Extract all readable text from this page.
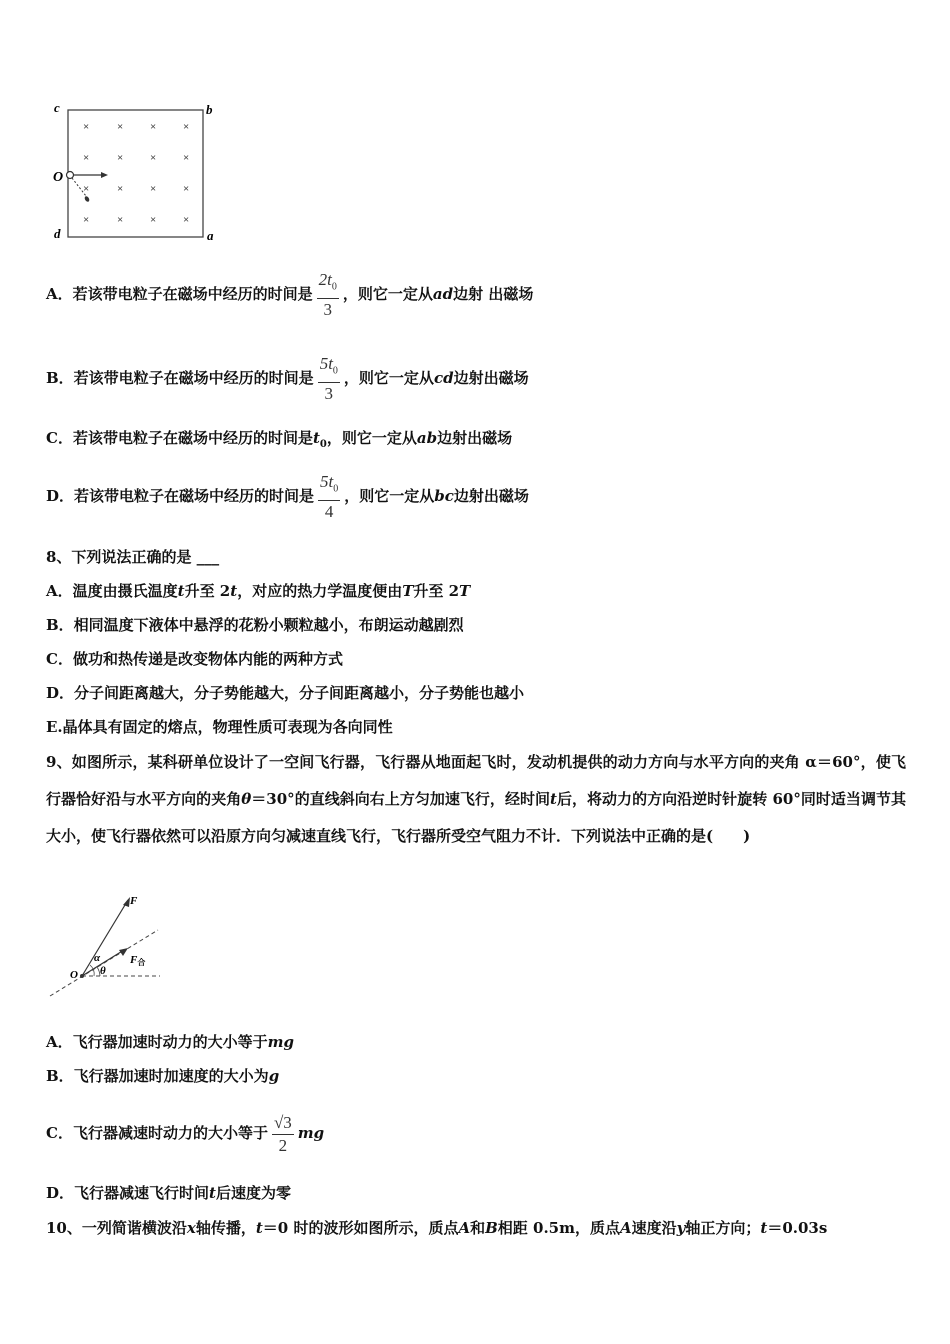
×	× × ×
×	× × ×
×	× × ×
×	× × ×
c	b
O
d	a
A．若该带电粒子在磁场中经历的时间是 $\frac{2t_0}{3}$ ，则它一定从ad边射 出磁场
B．若该带电粒子在磁场中经历的时间是 $\frac{5t_0}{3}$ ，则它一定从cd边射出磁场
C．若该带电粒子在磁场中经历的时间是$t_0$，则它一定从ab边射出磁场
D．若该带电粒子在磁场中经历的时间是 $\frac{5t_0}{4}$ ，则它一定从bc边射出磁场
8、下列说法正确的是 ___
A．温度由摄氏温度t升至 2t，对应的热力学温度便由T升至 2T
B．相同温度下液体中悬浮的花粉小颗粒越小，布朗运动越剧烈
C．做功和热传递是改变物体内能的两种方式
D．分子间距离越大，分子势能越大，分子间距离越小，分子势能也越小
E.晶体具有固定的熔点，物理性质可表现为各向同性
9、如图所示，某科研单位设计了一空间飞行器，飞行器从地面起飞时，发动机提供的动力方向与水平方向的夹角 α＝60°，使飞行器恰好沿与水平方向的夹角θ＝30°的直线斜向右上方匀加速飞行，经时间t后，将动力的方向沿逆时针旋转 60°同时适当调节其大小，使飞行器依然可以沿原方向匀减速直线飞行，飞行器所受空气阻力不计．下列说法中正确的是(　　)
F
α
θ
O
F合
A．飞行器加速时动力的大小等于mg
B．飞行器加速时加速度的大小为g
C．飞行器减速时动力的大小等于 $\frac{√3}{2}$ mg
D．飞行器减速飞行时间t后速度为零
10、一列简谐横波沿x轴传播，t＝0 时的波形如图所示，质点A和B相距 0.5m，质点A速度沿y轴正方向；t＝0.03s
